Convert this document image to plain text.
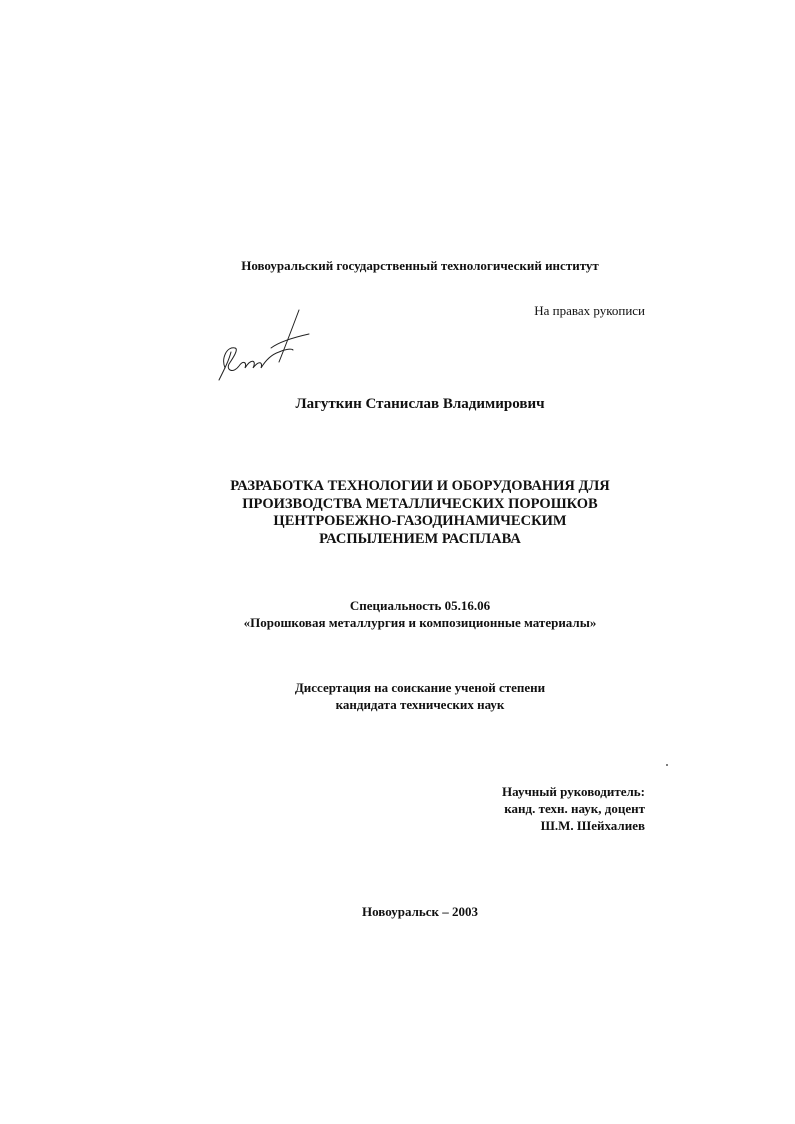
Новоуральский государственный технологический институт
На правах рукописи
Лагуткин Станислав Владимирович
РАЗРАБОТКА ТЕХНОЛОГИИ И ОБОРУДОВАНИЯ ДЛЯ
ПРОИЗВОДСТВА МЕТАЛЛИЧЕСКИХ ПОРОШКОВ
ЦЕНТРОБЕЖНО-ГАЗОДИНАМИЧЕСКИМ
РАСПЫЛЕНИЕМ РАСПЛАВА
Специальность 05.16.06
«Порошковая металлургия и композиционные материалы»
Диссертация на соискание ученой степени
кандидата технических наук
Научный руководитель:
канд. техн. наук, доцент
Ш.М. Шейхалиев
Новоуральск – 2003
